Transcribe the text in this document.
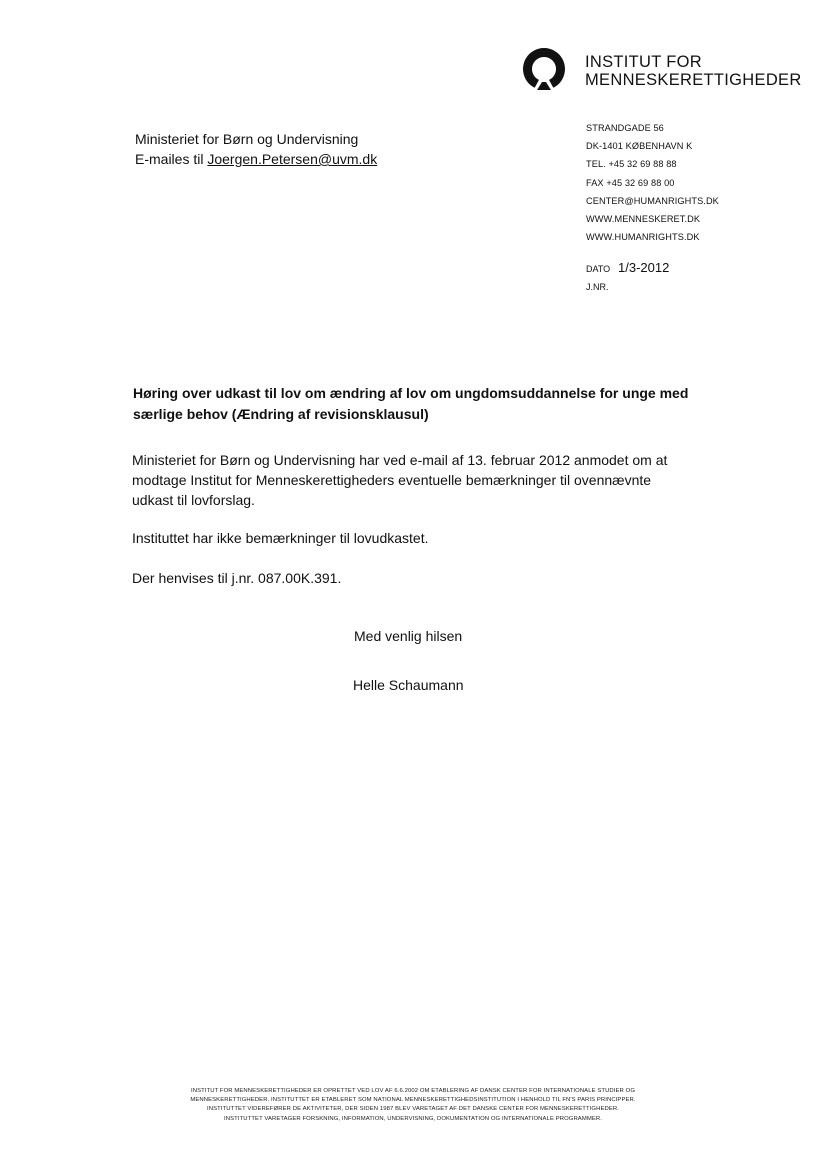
INSTITUT FOR
MENNESKERETTIGHEDER
Ministeriet for Børn og Undervisning
E-mailes til Joergen.Petersen@uvm.dk
STRANDGADE 56
DK-1401 KØBENHAVN K
TEL. +45 32 69 88 88
FAX +45 32 69 88 00
CENTER@HUMANRIGHTS.DK
WWW.MENNESKERET.DK
WWW.HUMANRIGHTS.DK
DATO 1/3-2012
J.NR.
Høring over udkast til lov om ændring af lov om ungdomsuddannelse for unge med særlige behov (Ændring af revisionsklausul)
Ministeriet for Børn og Undervisning har ved e-mail af 13. februar 2012 anmodet om at modtage Institut for Menneskerettigheders eventuelle bemærkninger til ovennævnte udkast til lovforslag.
Instituttet har ikke bemærkninger til lovudkastet.
Der henvises til j.nr. 087.00K.391.
Med venlig hilsen
Helle Schaumann
INSTITUT FOR MENNESKERETTIGHEDER ER OPRETTET VED LOV AF 6.6.2002 OM ETABLERING AF DANSK CENTER FOR INTERNATIONALE STUDIER OG
MENNESKERETTIGHEDER. INSTITUTTET ER ETABLERET SOM NATIONAL MENNESKERETTIGHEDSINSTITUTION I HENHOLD TIL FN'S PARIS PRINCIPPER.
INSTITUTTET VIDEREFØRER DE AKTIVITETER, DER SIDEN 1987 BLEV VARETAGET AF DET DANSKE CENTER FOR MENNESKERETTIGHEDER.
INSTITUTTET VARETAGER FORSKNING, INFORMATION, UNDERVISNING, DOKUMENTATION OG INTERNATIONALE PROGRAMMER.
